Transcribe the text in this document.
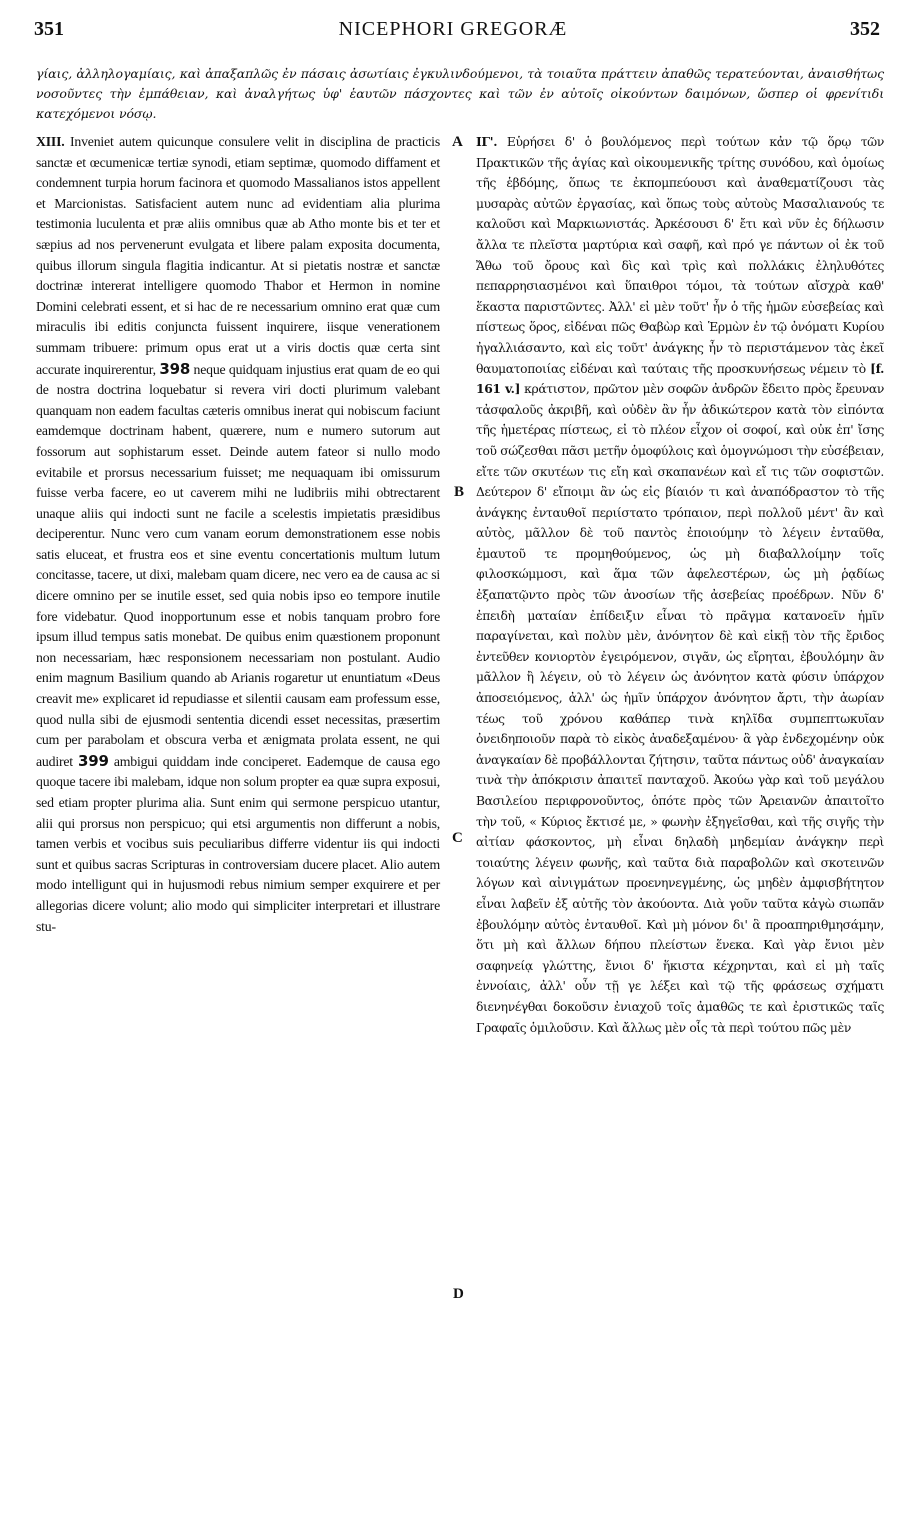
351	NICEPHORI GREGORÆ	352
γίαις, ἀλληλογαμίαις, καὶ ἀπαξαπλῶς ἐν πάσαις ἀσωτίαις ἐγκυλινδούμενοι, τὰ τοιαῦτα πράττειν ἀπαθῶς τερατεύονται, ἀναισθήτως νοσοῦντες τὴν ἐμπάθειαν, καὶ ἀναλγήτως ὑφ' ἑαυτῶν πάσχοντες καὶ τῶν ἐν αὐτοῖς οἰκούντων δαιμόνων, ὥσπερ οἱ φρενίτιδι κατεχόμενοι νόσῳ.

XIII. Inveniet autem quicunque consulere velit in disciplina de practicis sanctæ et œcumenicæ tertiæ synodi, etiam septimæ, quomodo diffament et condemnent turpia horum facinora et quomodo Massalianos istos appellent et Marcionistas. Satisfacient autem nunc ad evidentiam alia plurima testimonia luculenta et præ aliis omnibus quæ ab Atho monte bis et ter et sæpius ad nos pervenerunt evulgata et libere palam exposita documenta, quibus illorum singula flagitia indicantur. At si pietatis nostræ et sanctæ doctrinæ intererat intelligere quomodo Thabor et Hermon in nomine Domini celebrati essent, et si hac de re necessarium omnino erat quæ cum miraculis ibi editis conjuncta fuissent inquirere, iisque venerationem summam tribuere: primum opus erat ut a viris doctis quæ certa sint accurate inquirerentur, 398 neque quidquam injustius erat quam de eo qui de nostra doctrina loquebatur si revera viri docti plurimum valebant quanquam non eadem facultas cæteris omnibus inerat qui nobiscum faciunt eamdemque doctrinam habent, quærere, num e numero sutorum aut fossorum aut sophistarum esset. Deinde autem fateor si nullo modo evitabile et prorsus necessarium fuisset; me nequaquam ibi omissurum fuisse verba facere, eo ut caverem mihi ne ludibriis mihi obtrectarent unaque aliis qui indocti sunt ne facile a scelestis impietatis præsidibus deciperentur. Nunc vero cum vanam eorum demonstrationem esse nobis satis eluceat, et frustra eos et sine eventu concertationis multum lutum concitasse, tacere, ut dixi, malebam quam dicere, nec vero ea de causa ac si dicere omnino per se inutile esset, sed quia nobis ipso eo tempore inutile fore videbatur. Quod inopportunum esse et nobis tanquam probro fore ipsum illud tempus satis monebat. De quibus enim quæstionem proponunt non necessariam, hæc responsionem necessariam non postulant. Audio enim magnum Basilium quando ab Arianis rogaretur ut enuntiatum «Deus creavit me» explicaret id repudiasse et silentii causam eam professum esse, quod nulla sibi de ejusmodi sententia dicendi esset necessitas, præsertim cum per parabolam et obscura verba et ænigmata prolata essent, ne qui audiret 399 ambigui quiddam inde conciperet. Eademque de causa ego quoque tacere ibi malebam, idque non solum propter ea quæ supra exposui, sed etiam propter plurima alia. Sunt enim qui sermone perspicuo utantur, alii qui prorsus non perspicuo; qui etsi argumentis non differunt a nobis, tamen verbis et vocibus suis peculiaribus differre videntur iis qui indocti sunt et quibus sacras Scripturas in controversiam ducere placet. Alio autem modo intelligunt qui in hujusmodi rebus nimium semper exquirere et per allegorias dicere volunt; alio modo qui simpliciter interpretari et illustrare stu-

A
B
C
D

ΙΓ'. Εὑρήσει δ' ὁ βουλόμενος περὶ τούτων κἀν τῷ ὅρῳ τῶν Πρακτικῶν τῆς ἁγίας καὶ οἰκουμενικῆς τρίτης συνόδου, καὶ ὁμοίως τῆς ἑβδόμης, ὅπως τε ἐκπομπεύουσι καὶ ἀναθεματίζουσι τὰς μυσαρὰς αὐτῶν ἐργασίας, καὶ ὅπως τοὺς αὐτοὺς Μασαλιανούς τε καλοῦσι καὶ Μαρκιωνιστάς. Ἀρκέσουσι δ' ἔτι καὶ νῦν ἐς δήλωσιν ἄλλα τε πλεῖστα μαρτύρια καὶ σαφῆ, καὶ πρό γε πάντων οἱ ἐκ τοῦ Ἄθω τοῦ ὄρους καὶ δὶς καὶ τρὶς καὶ πολλάκις ἐληλυθότες πεπαρρησιασμένοι καὶ ὕπαιθροι τόμοι, τὰ τούτων αἴσχρὰ καθ' ἕκαστα παριστῶντες. Ἀλλ' εἰ μὲν τοῦτ' ἦν ὁ τῆς ἡμῶν εὐσεβείας καὶ πίστεως ὅρος, εἰδέναι πῶς Θαβὼρ καὶ Ἑρμὼν ἐν τῷ ὀνόματι Κυρίου ἠγαλλιάσαντο, καὶ εἰς τοῦτ' ἀνάγκης ἦν τὸ περιστάμενον τὰς ἐκεῖ θαυματοποιίας εἰδέναι καὶ ταύταις τῆς προσκυνήσεως νέμειν τὸ [f. 161 v.] κράτιστον, πρῶτον μὲν σοφῶν ἀνδρῶν ἔδειτο πρὸς ἔρευναν τἀσφαλοῦς ἀκριβῆ, καὶ οὐδὲν ἂν ἦν ἀδικώτερον κατὰ τὸν εἰπόντα τῆς ἡμετέρας πίστεως, εἰ τὸ πλέον εἶχον οἱ σοφοί, καὶ οὐκ ἐπ' ἴσης τοῦ σώζεσθαι πᾶσι μετῆν ὁμοφύλοις καὶ ὁμογνώμοσι τὴν εὐσέβειαν, εἴτε τῶν σκυτέων τις εἴη καὶ σκαπανέων καὶ εἴ τις τῶν σοφιστῶν. Δεύτερον δ' εἴποιμι ἂν ὡς εἰς βίαιόν τι καὶ ἀναπόδραστον τὸ τῆς ἀνάγκης ἐνταυθοῖ περιίστατο τρόπαιον, περὶ πολλοῦ μέντ' ἂν καὶ αὐτὸς, μᾶλλον δὲ τοῦ παντὸς ἐποιούμην τὸ λέγειν ἐνταῦθα, ἐμαυτοῦ τε προμηθούμενος, ὡς μὴ διαβαλλοίμην τοῖς φιλοσκώμμοσι, καὶ ἅμα τῶν ἀφελεστέρων, ὡς μὴ ῥᾳδίως ἐξαπατῷντο πρὸς τῶν ἀνοσίων τῆς ἀσεβείας προέδρων. Νῦν δ' ἐπειδὴ ματαίαν ἐπίδειξιν εἶναι τὸ πρᾶγμα κατανοεῖν ἡμῖν παραγίνεται, καὶ πολὺν μὲν, ἀνόνητον δὲ καὶ εἰκῇ τὸν τῆς ἔριδος ἐντεῦθεν κονιορτὸν ἐγειρόμενον, σιγᾶν, ὡς εἴρηται, ἐβουλόμην ἂν μᾶλλον ἢ λέγειν, οὐ τὸ λέγειν ὡς ἀνόνητον κατὰ φύσιν ὑπάρχον ἀποσειόμενος, ἀλλ' ὡς ἡμῖν ὑπάρχον ἀνόνητον ἄρτι, τὴν ἀωρίαν τέως τοῦ χρόνου καθάπερ τινὰ κηλῖδα συμπεπτωκυῖαν ὀνειδηποιοῦν παρὰ τὸ εἰκὸς ἀναδεξαμένου· ἃ γὰρ ἐνδεχομένην οὐκ ἀναγκαίαν δὲ προβάλλονται ζήτησιν, ταῦτα πάντως οὐδ' ἀναγκαίαν τινὰ τὴν ἀπόκρισιν ἀπαιτεῖ πανταχοῦ. Ἀκούω γὰρ καὶ τοῦ μεγάλου Βασιλείου περιφρονοῦντος, ὁπότε πρὸς τῶν Ἀρειανῶν ἀπαιτοῖτο τὴν τοῦ, « Κύριος ἔκτισέ με, » φωνὴν ἐξηγεῖσθαι, καὶ τῆς σιγῆς τὴν αἰτίαν φάσκοντος, μὴ εἶναι δηλαδὴ μηδεμίαν ἀνάγκην περὶ τοιαύτης λέγειν φωνῆς, καὶ ταῦτα διὰ παραβολῶν καὶ σκοτεινῶν λόγων καὶ αἰνιγμάτων προενηνεγμένης, ὡς μηδὲν ἀμφισβήτητον εἶναι λαβεῖν ἐξ αὐτῆς τὸν ἀκούοντα. Διὰ γοῦν ταῦτα κἀγὼ σιωπᾶν ἐβουλόμην αὐτὸς ἐνταυθοῖ. Καὶ μὴ μόνον δι' ἃ προαπηριθμησάμην, ὅτι μὴ καὶ ἄλλων δήπου πλείστων ἕνεκα. Καὶ γὰρ ἔνιοι μὲν σαφηνείᾳ γλώττης, ἔνιοι δ' ἥκιστα κέχρηνται, καὶ εἰ μὴ ταῖς ἐννοίαις, ἀλλ' οὖν τῇ γε λέξει καὶ τῷ τῆς φράσεως σχήματι διενηνέγθαι δοκοῦσιν ἐνιαχοῦ τοῖς ἀμαθῶς τε καὶ ἐριστικῶς ταῖς Γραφαῖς ὁμιλοῦσιν. Καὶ ἄλλως μὲν οἷς τὰ περὶ τούτου πῶς μὲν
